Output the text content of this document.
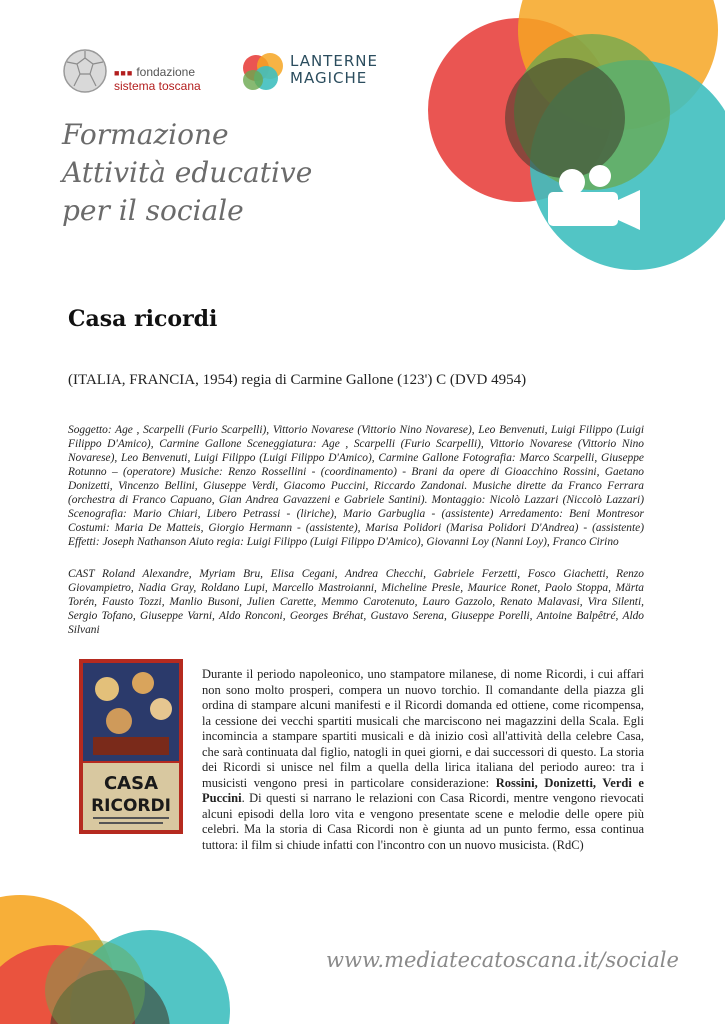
■■■ fondazione
sistema toscana
LANTERNE
MAGICHE
Formazione
Attività educative
per il sociale
Casa ricordi
(ITALIA, FRANCIA, 1954) regia di Carmine Gallone (123') C (DVD 4954)
Soggetto: Age , Scarpelli (Furio Scarpelli), Vittorio Novarese (Vittorio Nino Novarese), Leo Benvenuti, Luigi Filippo (Luigi Filippo D'Amico), Carmine Gallone Sceneggiatura: Age , Scarpelli (Furio Scarpelli), Vittorio Novarese (Vittorio Nino Novarese), Leo Benvenuti, Luigi Filippo (Luigi Filippo D'Amico), Carmine Gallone Fotografia: Marco Scarpelli, Giuseppe Rotunno – (operatore) Musiche: Renzo Rossellini - (coordinamento) - Brani da opere di Gioacchino Rossini, Gaetano Donizetti, Vincenzo Bellini, Giuseppe Verdi, Giacomo Puccini, Riccardo Zandonai. Musiche dirette da Franco Ferrara (orchestra di Franco Capuano, Gian Andrea Gavazzeni e Gabriele Santini). Montaggio: Nicolò Lazzari (Niccolò Lazzari) Scenografia: Mario Chiari, Libero Petrassi - (liriche), Mario Garbuglia - (assistente) Arredamento: Beni Montresor Costumi: Maria De Matteis, Giorgio Hermann - (assistente), Marisa Polidori (Marisa Polidori D'Andrea) - (assistente) Effetti: Joseph Nathanson Aiuto regia: Luigi Filippo (Luigi Filippo D'Amico), Giovanni Loy (Nanni Loy), Franco Cirino
CAST Roland Alexandre, Myriam Bru, Elisa Cegani, Andrea Checchi, Gabriele Ferzetti, Fosco Giachetti, Renzo Giovampietro, Nadia Gray, Roldano Lupi, Marcello Mastroianni, Micheline Presle, Maurice Ronet, Paolo Stoppa, Märta Torén, Fausto Tozzi, Manlio Busoni, Julien Carette, Memmo Carotenuto, Lauro Gazzolo, Renato Malavasi, Vira Silenti, Sergio Tofano, Giuseppe Varni, Aldo Ronconi, Georges Bréhat, Gustavo Serena, Giuseppe Porelli, Antoine Balpêtré, Aldo Silvani
CASA
RICORDI
Durante il periodo napoleonico, uno stampatore milanese, di nome Ricordi, i cui affari non sono molto prosperi, compera un nuovo torchio. Il comandante della piazza gli ordina di stampare alcuni manifesti e il Ricordi domanda ed ottiene, come ricompensa, la cessione dei vecchi spartiti musicali che marciscono nei magazzini della Scala. Egli incomincia a stampare spartiti musicali e dà inizio così all'attività della celebre Casa, che sarà continuata dal figlio, natogli in quei giorni, e dai successori di questo. La storia dei Ricordi si unisce nel film a quella della lirica italiana del periodo aureo: tra i musicisti vengono presi in particolare considerazione: Rossini, Donizetti, Verdi e Puccini. Di questi si narrano le relazioni con Casa Ricordi, mentre vengono rievocati alcuni episodi della loro vita e vengono presentate scene e melodie delle opere più celebri. Ma la storia di Casa Ricordi non è giunta ad un punto fermo, essa continua tuttora: il film si chiude infatti con l'incontro con un nuovo musicista. (RdC)
www.mediatecatoscana.it/sociale
